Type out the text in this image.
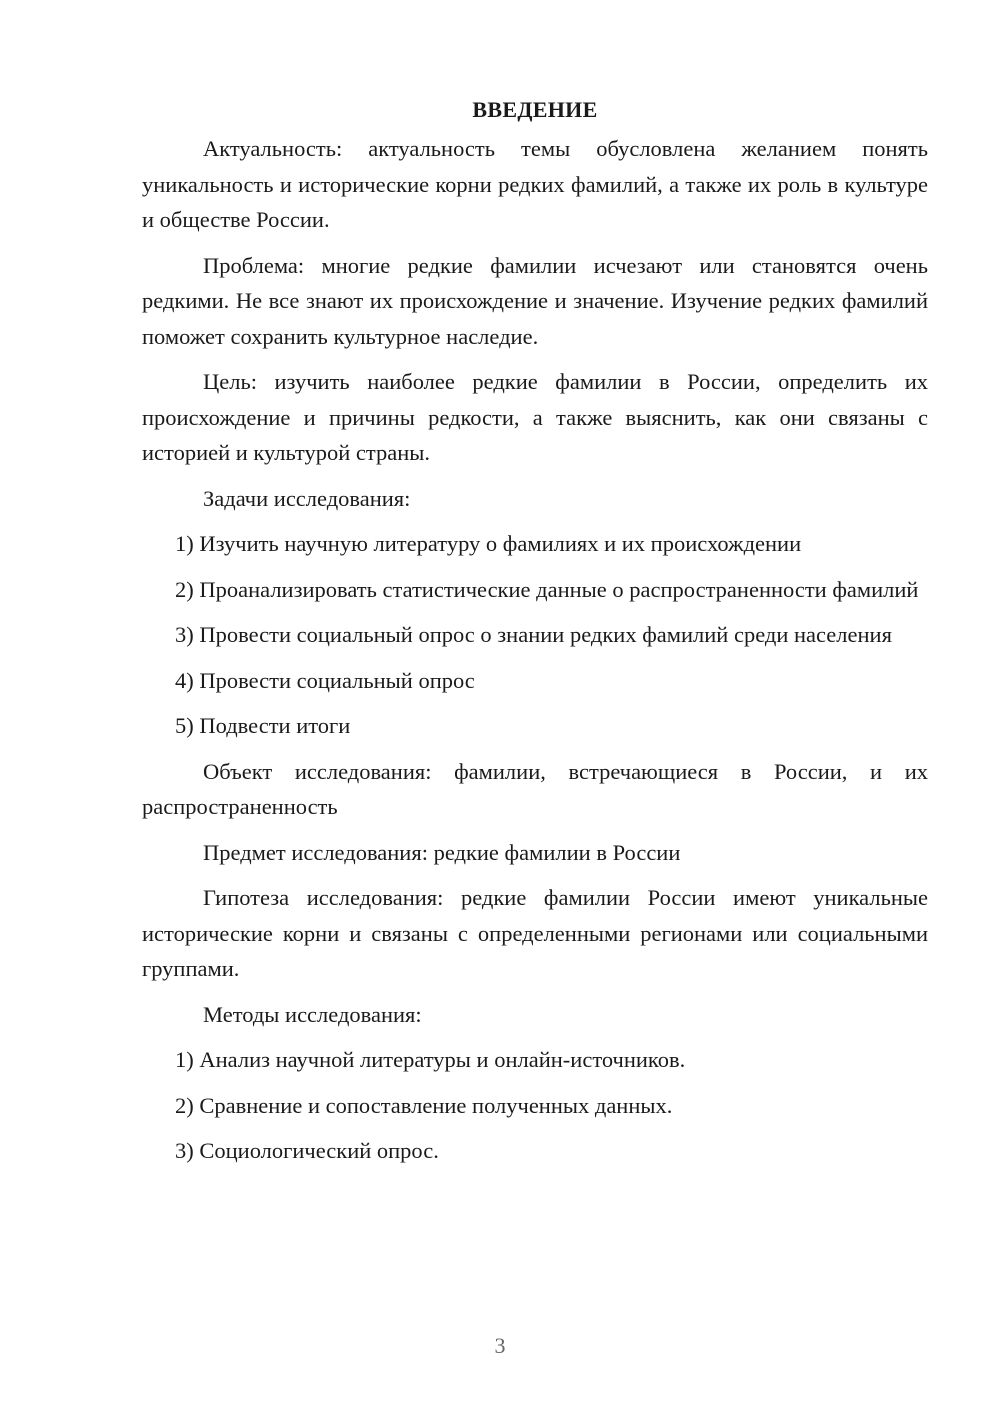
ВВЕДЕНИЕ

Актуальность: актуальность темы обусловлена желанием понять уникальность и исторические корни редких фамилий, а также их роль в культуре и обществе России.

Проблема: многие редкие фамилии исчезают или становятся очень редкими. Не все знают их происхождение и значение. Изучение редких фамилий поможет сохранить культурное наследие.

Цель: изучить наиболее редкие фамилии в России, определить их происхождение и причины редкости, а также выяснить, как они связаны с историей и культурой страны.

Задачи исследования:

1) Изучить научную литературу о фамилиях и их происхождении

2) Проанализировать статистические данные о распространенности фамилий

3) Провести социальный опрос о знании редких фамилий среди населения

4) Провести социальный опрос

5) Подвести итоги

Объект исследования: фамилии, встречающиеся в России, и их распространенность

Предмет исследования: редкие фамилии в России

Гипотеза исследования: редкие фамилии России имеют уникальные исторические корни и связаны с определенными регионами или социальными группами.

Методы исследования:

1) Анализ научной литературы и онлайн-источников.

2) Сравнение и сопоставление полученных данных.

3) Социологический опрос.

3
